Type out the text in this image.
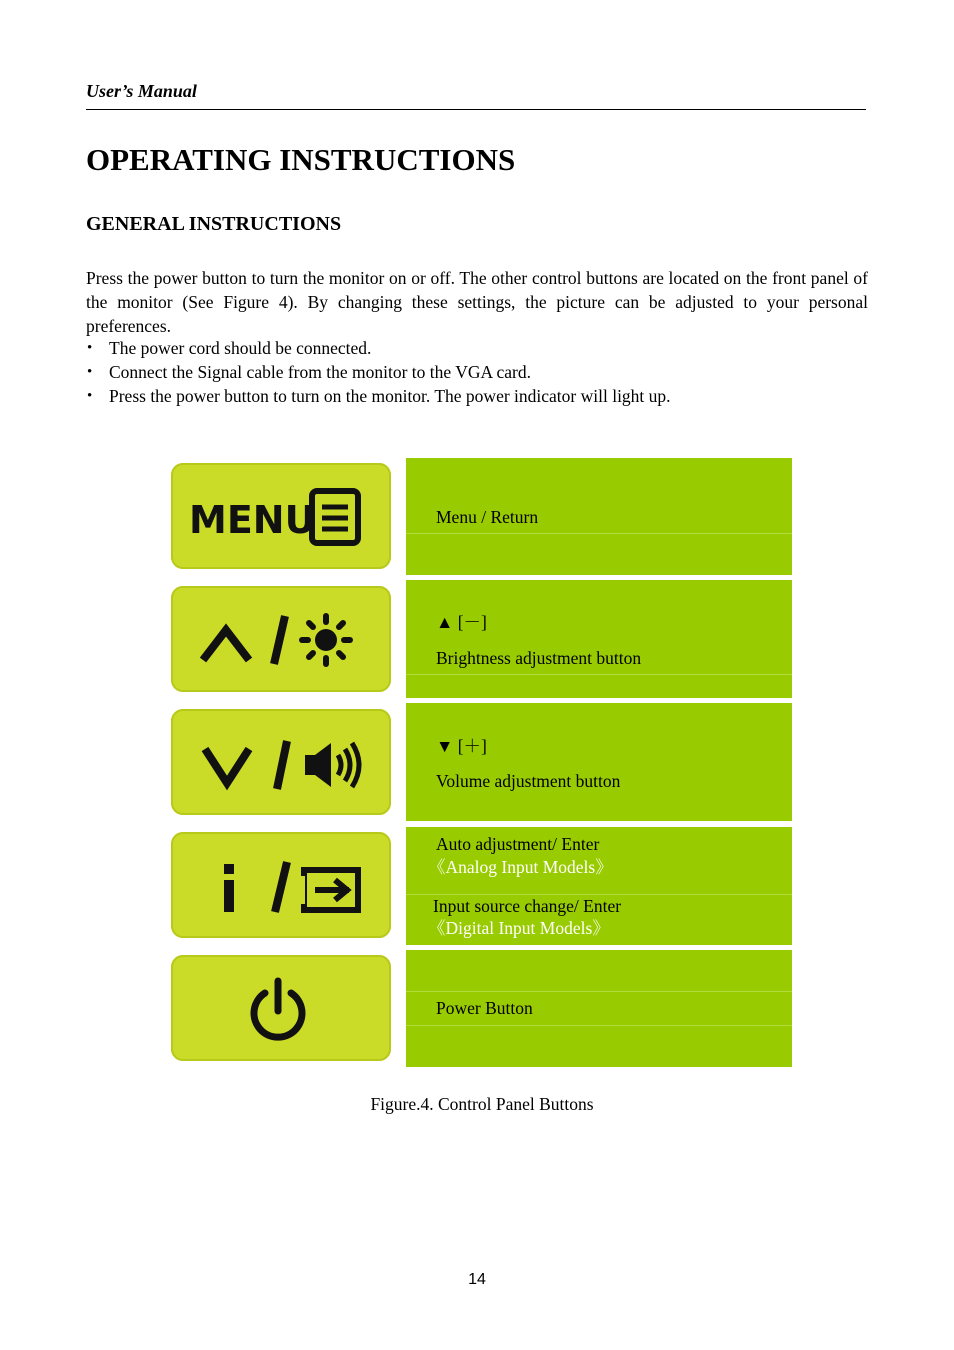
User’s Manual
OPERATING INSTRUCTIONS
GENERAL INSTRUCTIONS

Press the power button to turn the monitor on or off. The other control buttons are located on the front panel of the monitor (See Figure 4). By changing these settings, the picture can be adjusted to your personal preferences.

• The power cord should be connected.
• Connect the Signal cable from the monitor to the VGA card.
• Press the power button to turn on the monitor. The power indicator will light up.
MENU	Menu / Return
▲ [－]
Brightness adjustment button
▼ [＋]
Volume adjustment button
Auto adjustment/ Enter
《Analog Input Models》
Input source change/ Enter
《Digital Input Models》
Power Button
Figure.4. Control Panel Buttons
14
